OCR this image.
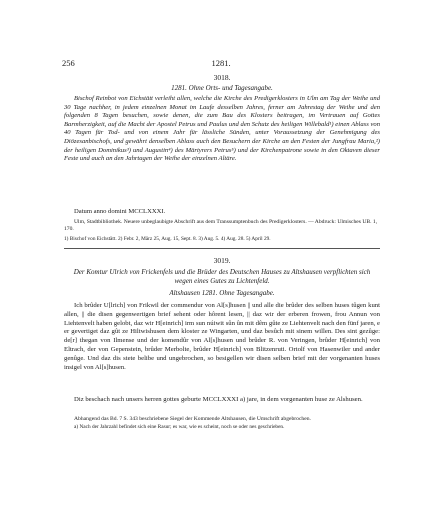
256	1281.
3018.
1281. Ohne Orts- und Tagesangabe.
Bischof Reinbot von Eichstätt verleiht allen, welche die Kirche des Predigerklosters in Ulm am Tag der Weihe und 30 Tage nachher, in jedem einzelnen Monat im Laufe desselben Jahres, ferner am Jahrestag der Weihe und den folgenden 8 Tagen besuchen, sowie denen, die zum Bau des Klosters beitragen, im Vertrauen auf Gottes Barmherzigkeit, auf die Macht der Apostel Petrus und Paulus und den Schutz des heiligen Willebald¹) einen Ablass von 40 Tagen für Tod- und von einem Jahr für lässliche Sünden, unter Voraussetzung der Genehmigung des Diözesanbischofs, und gewährt denselben Ablass auch den Besuchern der Kirche an den Festen der Jungfrau Maria,²) der heiligen Dominikus³) und Augustin⁴) des Märtyrers Petrus⁵) und der Kirchenpatrone sowie in den Oktaven dieser Feste und auch an den Jahrtagen der Weihe der einzelnen Altäre.
Datum anno domini MCCLXXXI.
Ulm, Stadtbibliothek. Neuere unbeglaubigte Abschrift aus dem Transsumptenbuch des Predigerklosters. — Abdruck: Ulmisches UB. 1, 170.
1) Bischof von Eichstätt. 2) Febr. 2, März 25, Aug. 15, Sept. 8. 3) Aug. 5. 4) Aug. 28. 5) April 29.
3019.
Der Komtur Ulrich von Frickenfels und die Brüder des Deutschen Hauses zu Altshausen verpflichten sich wegen eines Gutes zu Lichtenfeld.
Altshausen 1281. Ohne Tagesangabe.
Ich brûder U[lrich] von Frikwil der commendur von Al[s]husen || und alle die brûder des selben huses tûgen kunt allen, || die disen gegenwertigen brief sehent oder hôrent lesen, || daz wir der erberen frowen, frou Annun von Liehtenvelt haben gelobt, daz wir H[einrich] irm sun núiwit sûn ûn mit dêm gûte ze Liehtenvelt nach den fünf jaren, e er gevertiget daz gût ze Hiltwishusen dem kloster ze Wingarten, und daz besûch mit sinem willen. Des sint gezûge: de[r] thegan von Ilmense und der komendûr von Al[s]husen und brûder R. von Veringen, brûder H[einrich] von Eltrach, der von Gepenstein, brûder Merbolte, brûder H[einrich] von Blitzenruti. Ortolf von Hasenwiler und ander genûge. Und daz dis stete belibe und ungebrochen, so besigellen wir disen selben brief mit der vorgenanten huses insigel von Al[s]husen.
Diz beschach nach unsers herren gottes geburte MCCLXXXI a) jare, in dem vorgenanten huse ze Alshusen.
Abhangend das Bd. 7 S. 343 beschriebene Siegel der Kommende Altshausen, die Umschrift abgebrochen.
a) Nach der Jahrzahl befindet sich eine Rasur; es war, wie es scheint, noch se oder nes geschrieben.
